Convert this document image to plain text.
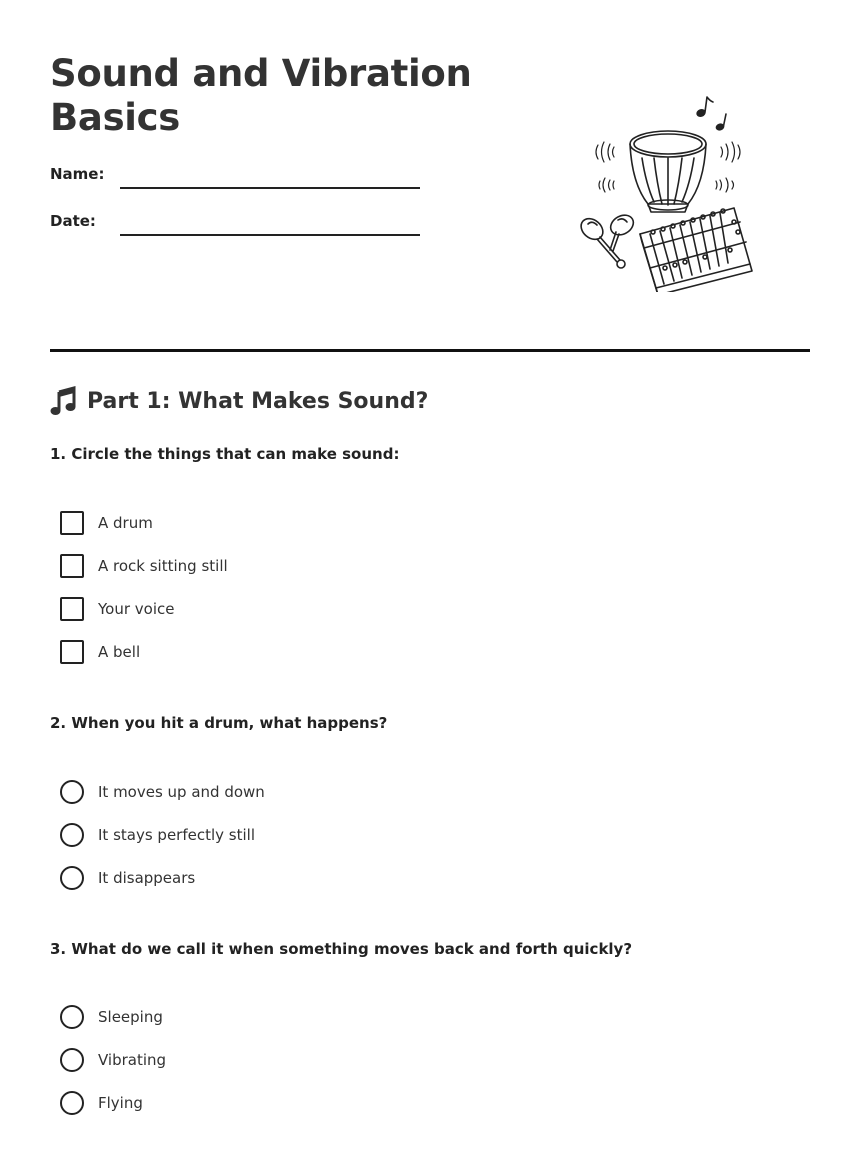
Sound and Vibration Basics
Name:
Date:
Part 1: What Makes Sound?

1. Circle the things that can make sound:

A drum
A rock sitting still
Your voice
A bell

2. When you hit a drum, what happens?

It moves up and down
It stays perfectly still
It disappears

3. What do we call it when something moves back and forth quickly?

Sleeping
Vibrating
Flying
